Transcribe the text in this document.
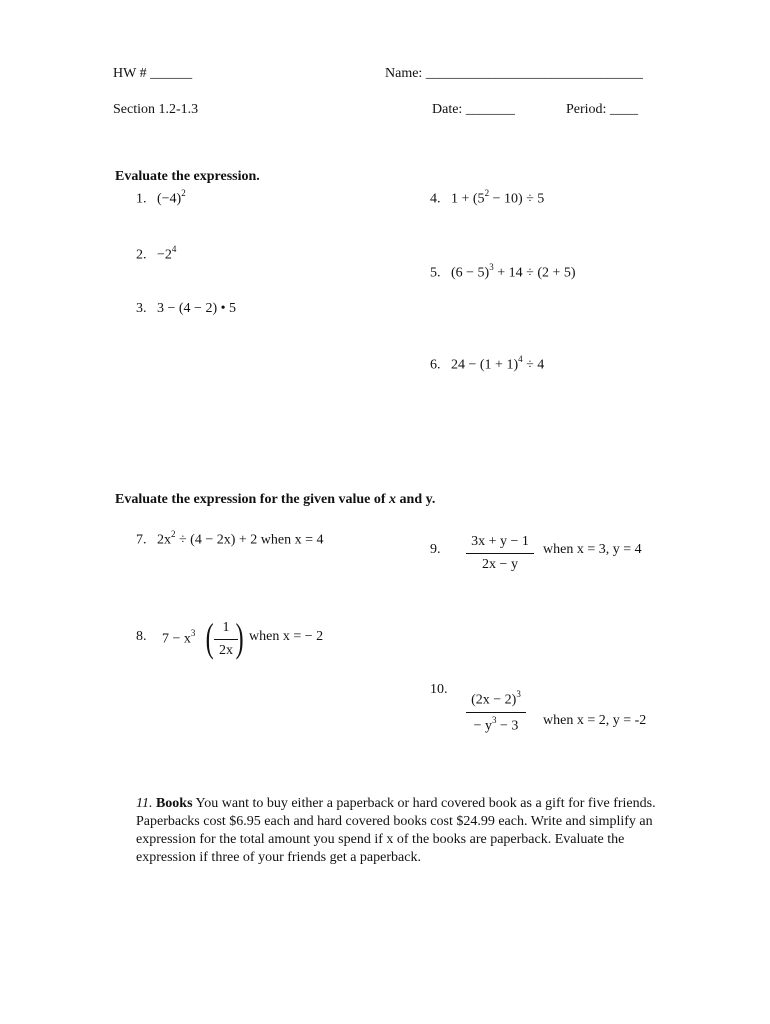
HW # ______	Name: _______________________________
Section 1.2-1.3	Date: _______	Period: ____
Evaluate the expression.
1. $(-4)^2$
2. $-2^4$
3. 3 − (4 − 2) • 5
4. $1 + (5^2 - 10) \div 5$
5. $(6 - 5)^3 + 14 \div (2 + 5)$
6. $24 - (1 + 1)^4 \div 4$
Evaluate the expression for the given value of x and y.
7. $2x^2 \div (4 - 2x) + 2$ when x = 4
8. $7 - x^3$ ( 1
2x ) when x = − 2
9.
3x + y − 1
2x − y
when x = 3, y = 4
10.
$(2x - 2)^3$
− $y^3 - 3$	when x = 2, y = -2
11. Books You want to buy either a paperback or hard covered book as a gift for five friends. Paperbacks cost $6.95 each and hard covered books cost $24.99 each. Write and simplify an expression for the total amount you spend if x of the books are paperback. Evaluate the expression if three of your friends get a paperback.
